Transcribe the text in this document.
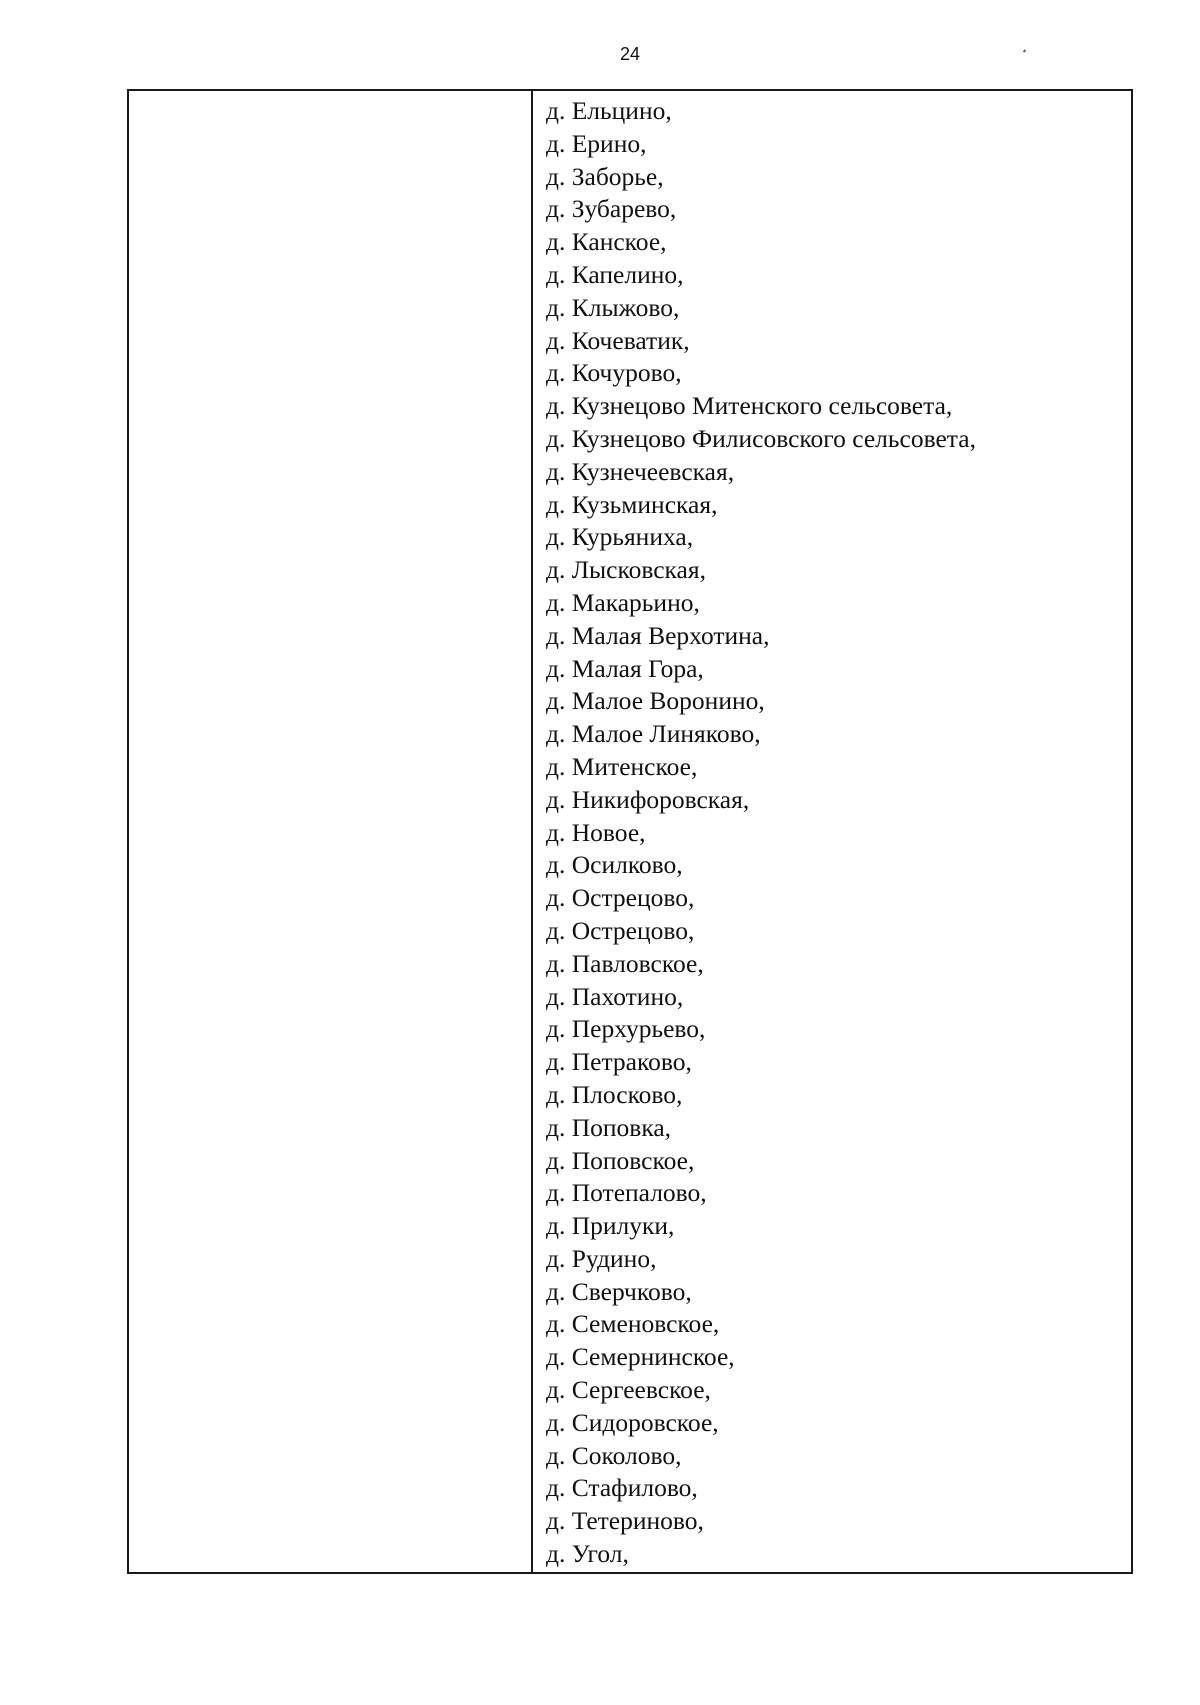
24

д. Ельцино,
д. Ерино,
д. Заборье,
д. Зубарево,
д. Канское,
д. Капелино,
д. Клыжово,
д. Кочеватик,
д. Кочурово,
д. Кузнецово Митенского сельсовета,
д. Кузнецово Филисовского сельсовета,
д. Кузнечеевская,
д. Кузьминская,
д. Курьяниха,
д. Лысковская,
д. Макарьино,
д. Малая Верхотина,
д. Малая Гора,
д. Малое Воронино,
д. Малое Линяково,
д. Митенское,
д. Никифоровская,
д. Новое,
д. Осилково,
д. Острецово,
д. Острецово,
д. Павловское,
д. Пахотино,
д. Перхурьево,
д. Петраково,
д. Плосково,
д. Поповка,
д. Поповское,
д. Потепалово,
д. Прилуки,
д. Рудино,
д. Сверчково,
д. Семеновское,
д. Семернинское,
д. Сергеевское,
д. Сидоровское,
д. Соколово,
д. Стафилово,
д. Тетериново,
д. Угол,
